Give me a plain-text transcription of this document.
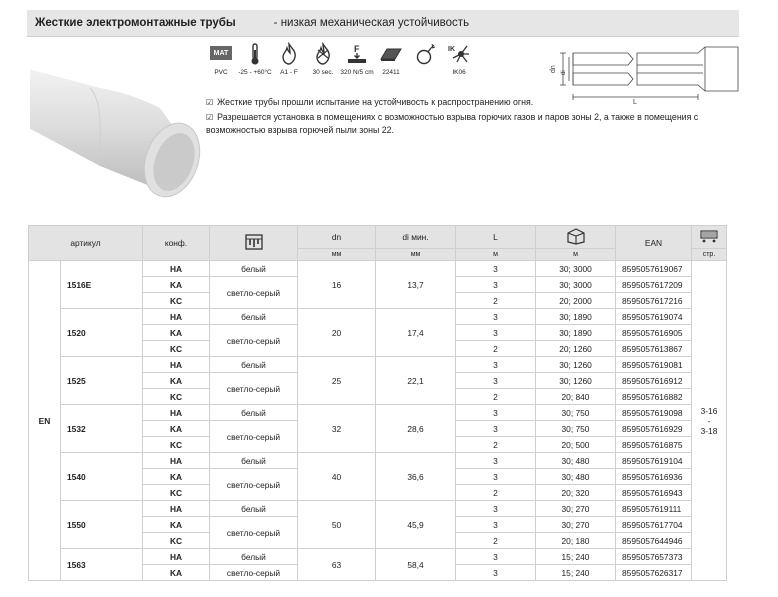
Жесткие электромонтажные трубы	- низкая механическая устойчивость
MAT
PVC -25 - +60°C A1 - F 30 sec.
F
320 N/5 cm 22411
IK
IK06	dn di
L

☑ Жесткие трубы прошли испытание на устойчивость к распространению огня.

☑ Разрешается установка в помещениях с возможностью взрыва горючих газов и паров зоны 2, а также в помещения с возможностью взрыва горючей пыли зоны 22.

артикул		конф.		dn	di мин.	L		EAN	
				мм	мм	м	м		стр.
EN	1516E	HA	белый	16	13,7	3	30; 3000	8595057619067	3-16
-
3-18

		KA	светло-серый			3	30; 3000	8595057617209	
		KC				2	20; 2000	8595057617216	
	1520	HA	белый	20	17,4	3	30; 1890	8595057619074	
		KA	светло-серый			3	30; 1890	8595057616905	
		KC				2	20; 1260	8595057613867	
	1525	HA	белый	25	22,1	3	30; 1260	8595057619081	
		KA	светло-серый			3	30; 1260	8595057616912	
		KC				2	20; 840	8595057616882	
	1532	HA	белый	32	28,6	3	30; 750	8595057619098	
		KA	светло-серый			3	30; 750	8595057616929	
		KC				2	20; 500	8595057616875	
	1540	HA	белый	40	36,6	3	30; 480	8595057619104	
		KA	светло-серый			3	30; 480	8595057616936	
		KC				2	20; 320	8595057616943	
	1550	HA	белый	50	45,9	3	30; 270	8595057619111	
		KA	светло-серый			3	30; 270	8595057617704	
		KC				2	20; 180	8595057644946	
	1563	HA	белый	63	58,4	3	15; 240	8595057657373	
		KA	светло-серый			3	15; 240	8595057626317	
